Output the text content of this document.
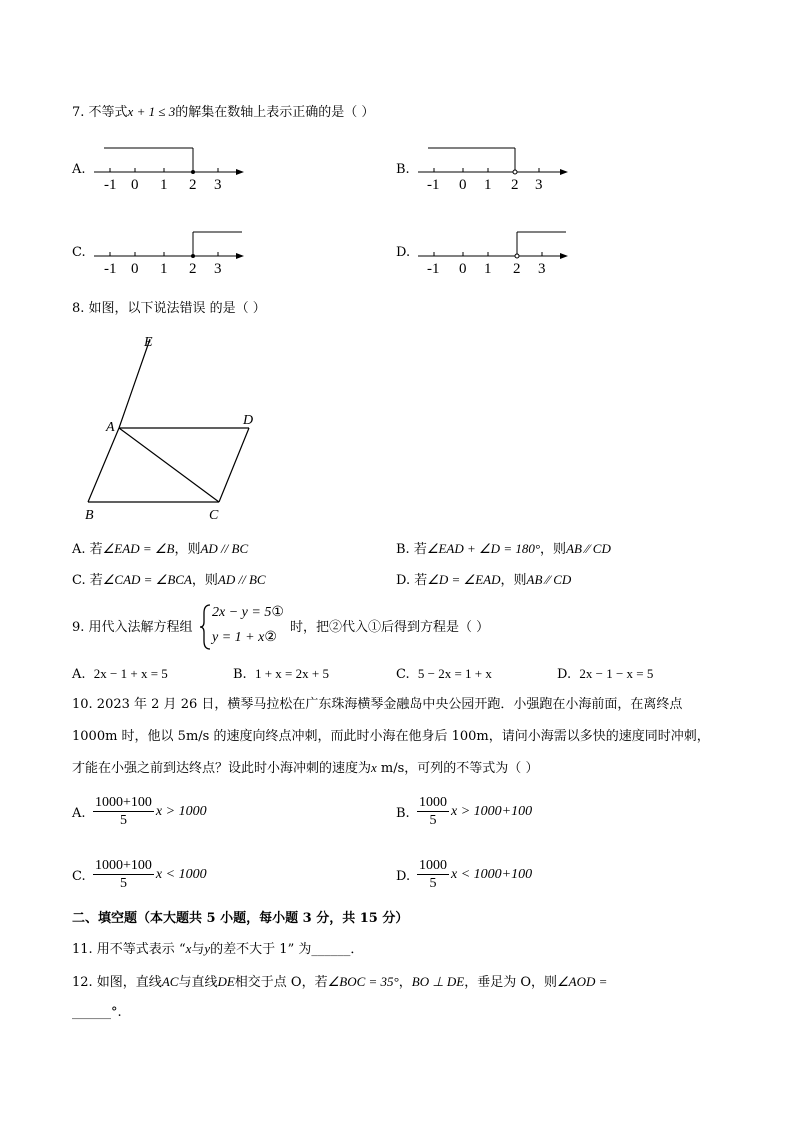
7. 不等式x + 1 ≤ 3的解集在数轴上表示正确的是（ ）
A.
-1 0 1 2 3
B.
-1 0 1 2 3
C.
-1 0 1 2 3
D.
-1 0 1 2 3
8. 如图，以下说法错误 的是（ ）
E
A	D
B	C
A. 若∠EAD = ∠B，则AD // BC	B. 若∠EAD + ∠D = 180°，则AB ⁄⁄ CD
C. 若∠CAD = ∠BCA，则AD // BC	D. 若∠D = ∠EAD，则AB ⁄⁄ CD
9. 用代入法解方程组
2x − y = 5①
y = 1 + x②
时，把②代入①后得到方程是（ ）
A. 2x − 1 + x = 5	B. 1 + x = 2x + 5	C. 5 − 2x = 1 + x	D. 2x − 1 − x = 5
10. 2023 年 2 月 26 日，横琴马拉松在广东珠海横琴金融岛中央公园开跑．小强跑在小海前面，在离终点
1000m 时，他以 5m/s 的速度向终点冲刺，而此时小海在他身后 100m，请问小海需以多快的速度同时冲刺，
才能在小强之前到达终点？设此时小海冲刺的速度为x m/s，可列的不等式为（ ）
A. $\frac{1000+100}{5}$ x > 1000	B. $\frac{1000}{5}$ x > 1000+100
C. $\frac{1000+100}{5}$ x < 1000	D. $\frac{1000}{5}$ x < 1000+100
二、填空题（本大题共 5 小题，每小题 3 分，共 15 分）
11. 用不等式表示 “x与y的差不大于 1” 为______．
12. 如图，直线AC与直线DE相交于点 O，若∠BOC = 35°，BO ⊥ DE，垂足为 O，则∠AOD =
______°.
